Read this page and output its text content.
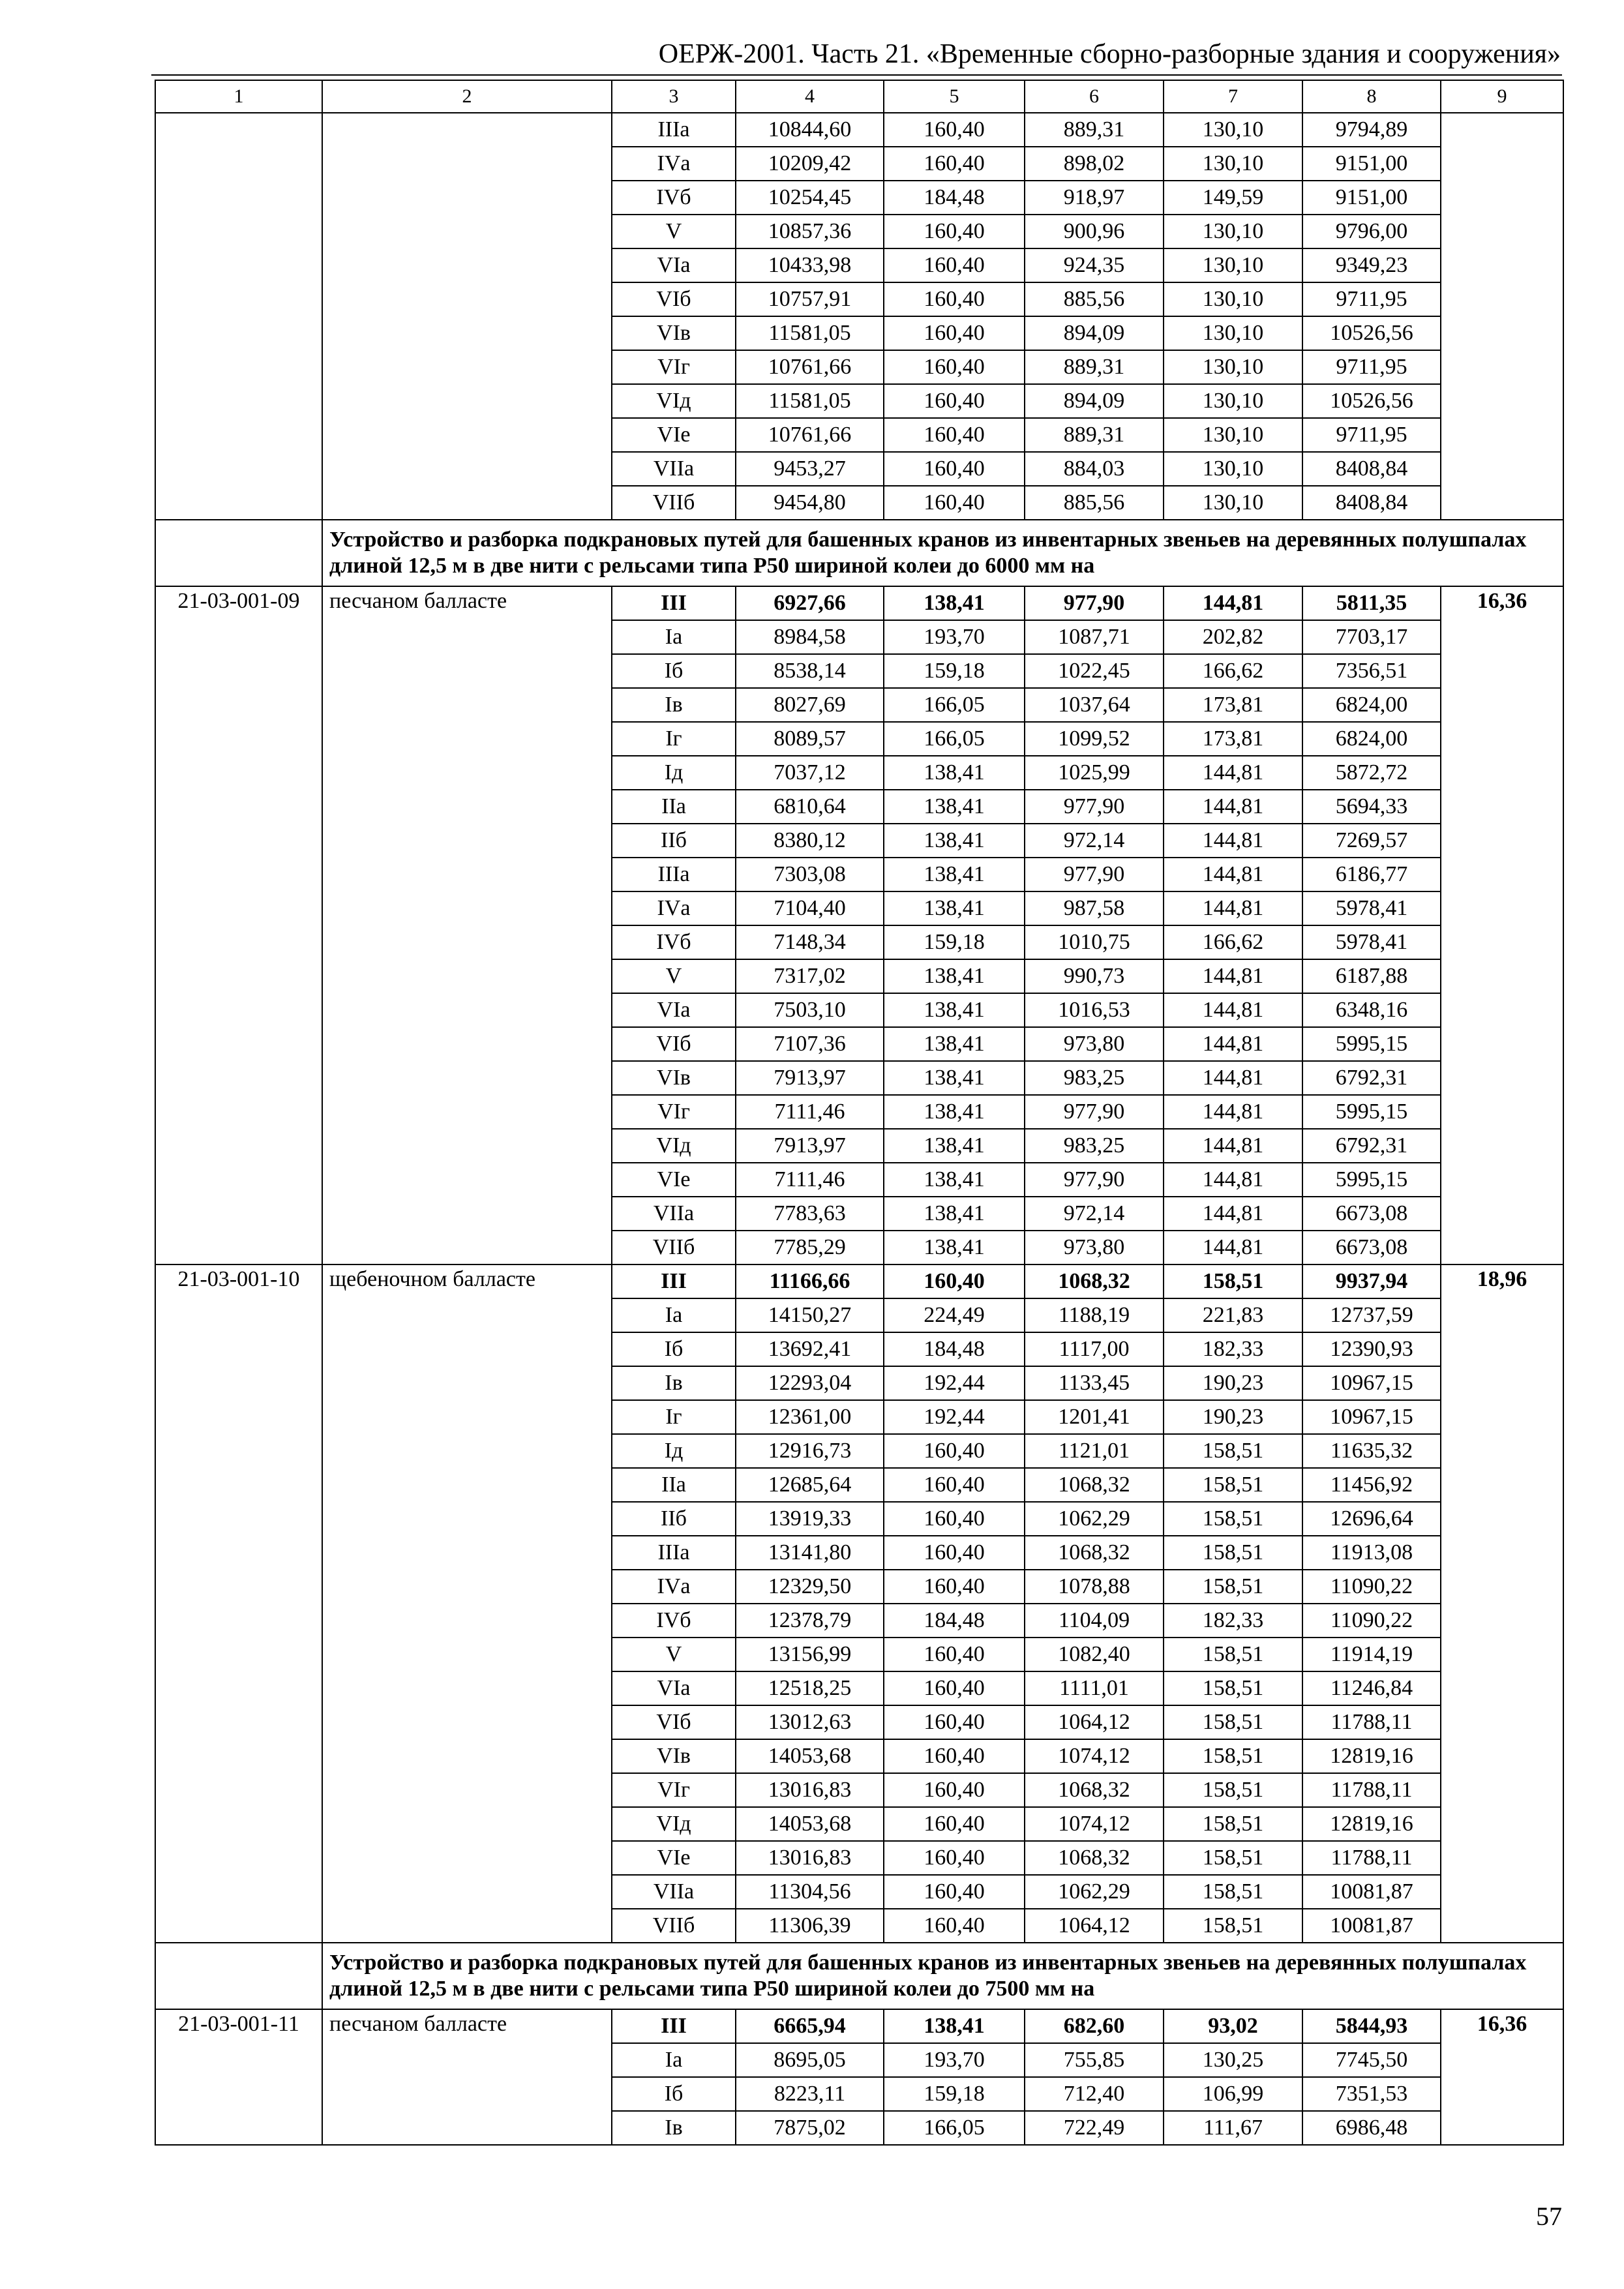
ОЕРЖ-2001. Часть 21. «Временные сборно-разборные здания и сооружения»
1	2	3	4	5	6	7	8	9
		IIIа	10844,60	160,40	889,31	130,10	9794,89	
		IVа	10209,42	160,40	898,02	130,10	9151,00	
		IVб	10254,45	184,48	918,97	149,59	9151,00	
		V	10857,36	160,40	900,96	130,10	9796,00	
		VIа	10433,98	160,40	924,35	130,10	9349,23	
		VIб	10757,91	160,40	885,56	130,10	9711,95	
		VIв	11581,05	160,40	894,09	130,10	10526,56	
		VIг	10761,66	160,40	889,31	130,10	9711,95	
		VIд	11581,05	160,40	894,09	130,10	10526,56	
		VIе	10761,66	160,40	889,31	130,10	9711,95	
		VIIа	9453,27	160,40	884,03	130,10	8408,84	
		VIIб	9454,80	160,40	885,56	130,10	8408,84	
	Устройство и разборка подкрановых путей для башенных кранов из инвентарных звеньев на деревянных полушпалах длиной 12,5 м в две нити с рельсами типа Р50 шириной колеи до 6000 мм на							
21-03-001-09	песчаном балласте	III	6927,66	138,41	977,90	144,81	5811,35	16,36
		Iа	8984,58	193,70	1087,71	202,82	7703,17	
		Iб	8538,14	159,18	1022,45	166,62	7356,51	
		Iв	8027,69	166,05	1037,64	173,81	6824,00	
		Iг	8089,57	166,05	1099,52	173,81	6824,00	
		Iд	7037,12	138,41	1025,99	144,81	5872,72	
		IIа	6810,64	138,41	977,90	144,81	5694,33	
		IIб	8380,12	138,41	972,14	144,81	7269,57	
		IIIа	7303,08	138,41	977,90	144,81	6186,77	
		IVа	7104,40	138,41	987,58	144,81	5978,41	
		IVб	7148,34	159,18	1010,75	166,62	5978,41	
		V	7317,02	138,41	990,73	144,81	6187,88	
		VIа	7503,10	138,41	1016,53	144,81	6348,16	
		VIб	7107,36	138,41	973,80	144,81	5995,15	
		VIв	7913,97	138,41	983,25	144,81	6792,31	
		VIг	7111,46	138,41	977,90	144,81	5995,15	
		VIд	7913,97	138,41	983,25	144,81	6792,31	
		VIе	7111,46	138,41	977,90	144,81	5995,15	
		VIIа	7783,63	138,41	972,14	144,81	6673,08	
		VIIб	7785,29	138,41	973,80	144,81	6673,08	
21-03-001-10	щебеночном балласте	III	11166,66	160,40	1068,32	158,51	9937,94	18,96
		Iа	14150,27	224,49	1188,19	221,83	12737,59	
		Iб	13692,41	184,48	1117,00	182,33	12390,93	
		Iв	12293,04	192,44	1133,45	190,23	10967,15	
		Iг	12361,00	192,44	1201,41	190,23	10967,15	
		Iд	12916,73	160,40	1121,01	158,51	11635,32	
		IIа	12685,64	160,40	1068,32	158,51	11456,92	
		IIб	13919,33	160,40	1062,29	158,51	12696,64	
		IIIа	13141,80	160,40	1068,32	158,51	11913,08	
		IVа	12329,50	160,40	1078,88	158,51	11090,22	
		IVб	12378,79	184,48	1104,09	182,33	11090,22	
		V	13156,99	160,40	1082,40	158,51	11914,19	
		VIа	12518,25	160,40	1111,01	158,51	11246,84	
		VIб	13012,63	160,40	1064,12	158,51	11788,11	
		VIв	14053,68	160,40	1074,12	158,51	12819,16	
		VIг	13016,83	160,40	1068,32	158,51	11788,11	
		VIд	14053,68	160,40	1074,12	158,51	12819,16	
		VIе	13016,83	160,40	1068,32	158,51	11788,11	
		VIIа	11304,56	160,40	1062,29	158,51	10081,87	
		VIIб	11306,39	160,40	1064,12	158,51	10081,87	
	Устройство и разборка подкрановых путей для башенных кранов из инвентарных звеньев на деревянных полушпалах длиной 12,5 м в две нити с рельсами типа Р50 шириной колеи до 7500 мм на							
21-03-001-11	песчаном балласте	III	6665,94	138,41	682,60	93,02	5844,93	16,36
		Iа	8695,05	193,70	755,85	130,25	7745,50	
		Iб	8223,11	159,18	712,40	106,99	7351,53	
		Iв	7875,02	166,05	722,49	111,67	6986,48	
57
